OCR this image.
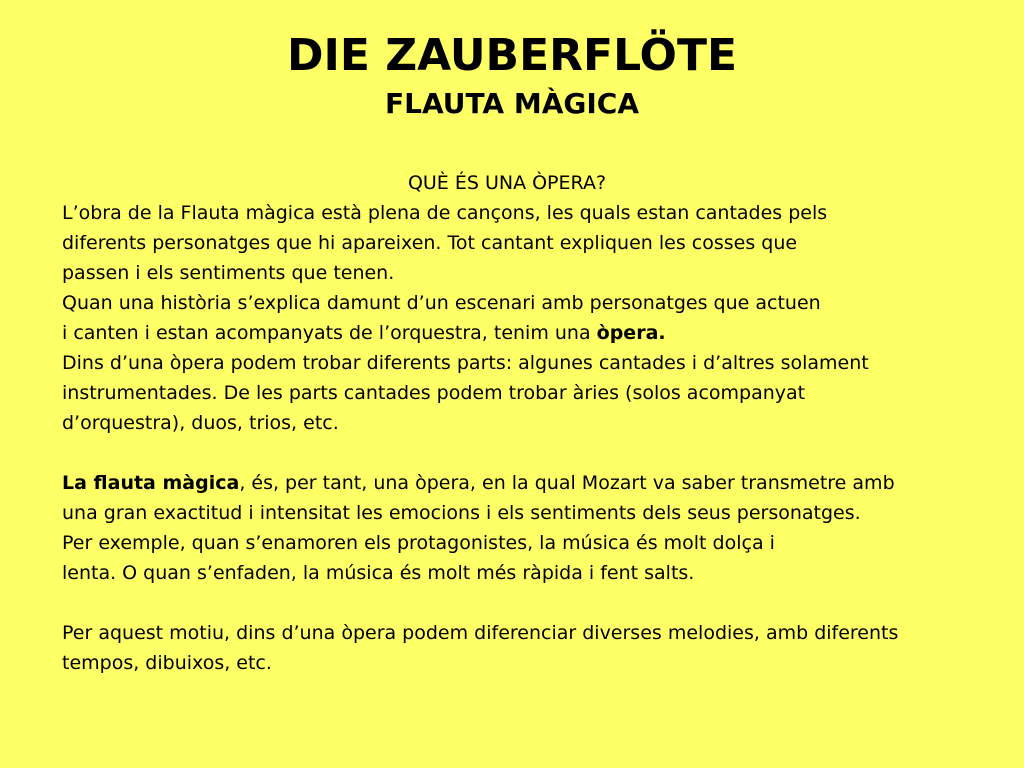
DIE ZAUBERFLÖTE
FLAUTA MÀGICA
QUÈ ÉS UNA ÒPERA?
L’obra de la Flauta màgica està plena de cançons, les quals estan cantades pels
diferents personatges que hi apareixen. Tot cantant expliquen les cosses que
passen i els sentiments que tenen.
Quan una història s’explica damunt d’un escenari amb personatges que actuen
i canten i estan acompanyats de l’orquestra, tenim una òpera.
Dins d’una òpera podem trobar diferents parts: algunes cantades i d’altres solament
instrumentades. De les parts cantades podem trobar àries (solos acompanyat
d’orquestra), duos, trios, etc.
La flauta màgica, és, per tant, una òpera, en la qual Mozart va saber transmetre amb
una gran exactitud i intensitat les emocions i els sentiments dels seus personatges.
Per exemple, quan s’enamoren els protagonistes, la música és molt dolça i
lenta. O quan s’enfaden, la música és molt més ràpida i fent salts.
Per aquest motiu, dins d’una òpera podem diferenciar diverses melodies, amb diferents
tempos, dibuixos, etc.
